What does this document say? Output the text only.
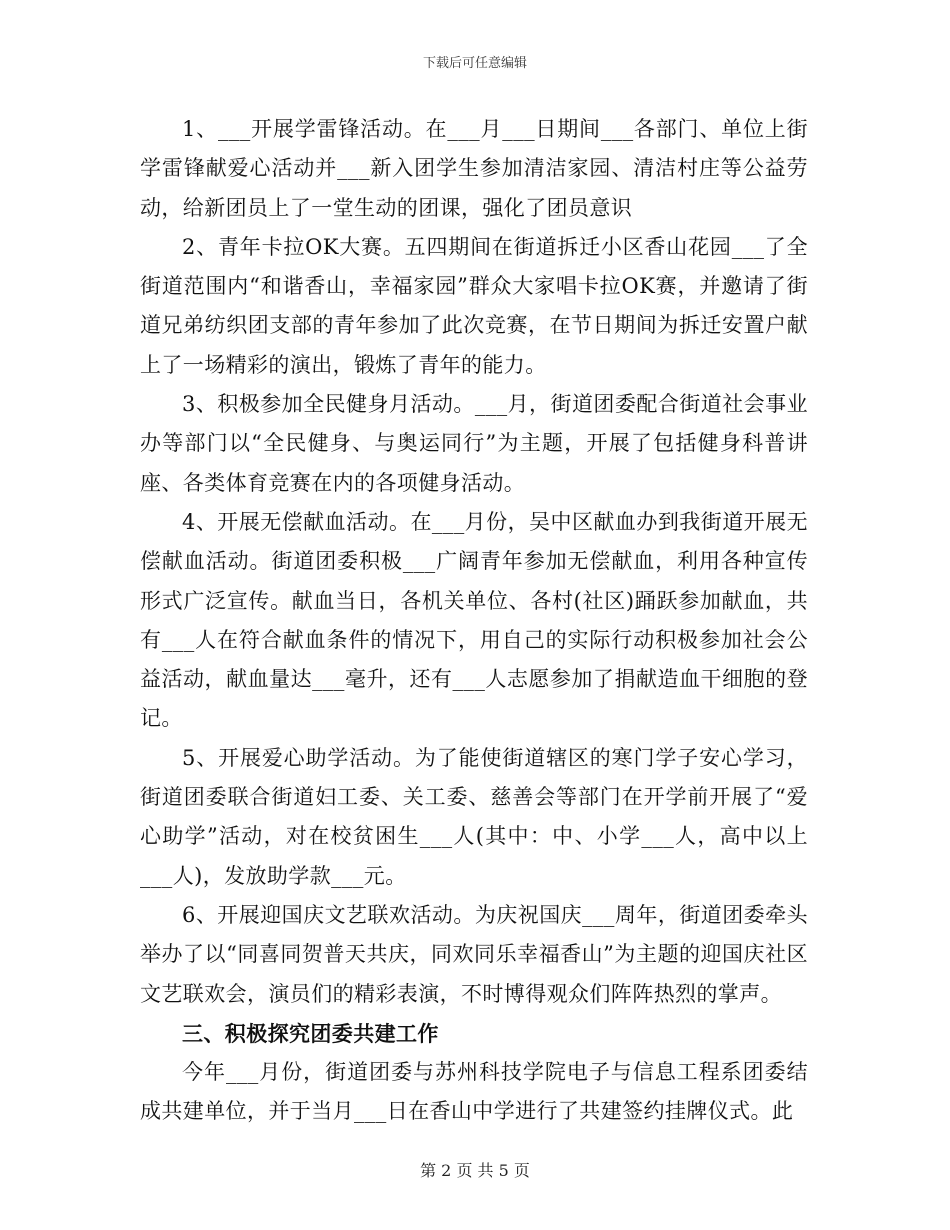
下载后可任意编辑

1、___开展学雷锋活动。在___月___日期间___各部门、单位上街学雷锋献爱心活动并___新入团学生参加清洁家园、清洁村庄等公益劳动，给新团员上了一堂生动的团课，强化了团员意识

2、青年卡拉OK大赛。五四期间在街道拆迁小区香山花园___了全街道范围内“和谐香山，幸福家园”群众大家唱卡拉OK赛，并邀请了街道兄弟纺织团支部的青年参加了此次竞赛，在节日期间为拆迁安置户献上了一场精彩的演出，锻炼了青年的能力。

3、积极参加全民健身月活动。___月，街道团委配合街道社会事业办等部门以“全民健身、与奥运同行”为主题，开展了包括健身科普讲座、各类体育竞赛在内的各项健身活动。

4、开展无偿献血活动。在___月份，吴中区献血办到我街道开展无偿献血活动。街道团委积极___广阔青年参加无偿献血，利用各种宣传形式广泛宣传。献血当日，各机关单位、各村(社区)踊跃参加献血，共有___人在符合献血条件的情况下，用自己的实际行动积极参加社会公益活动，献血量达___毫升，还有___人志愿参加了捐献造血干细胞的登记。

5、开展爱心助学活动。为了能使街道辖区的寒门学子安心学习，街道团委联合街道妇工委、关工委、慈善会等部门在开学前开展了“爱心助学”活动，对在校贫困生___人(其中：中、小学___人，高中以上___人)，发放助学款___元。

6、开展迎国庆文艺联欢活动。为庆祝国庆___周年，街道团委牵头举办了以“同喜同贺普天共庆，同欢同乐幸福香山”为主题的迎国庆社区文艺联欢会，演员们的精彩表演，不时博得观众们阵阵热烈的掌声。

三、积极探究团委共建工作

今年___月份，街道团委与苏州科技学院电子与信息工程系团委结成共建单位，并于当月___日在香山中学进行了共建签约挂牌仪式。此

第 2 页 共 5 页
